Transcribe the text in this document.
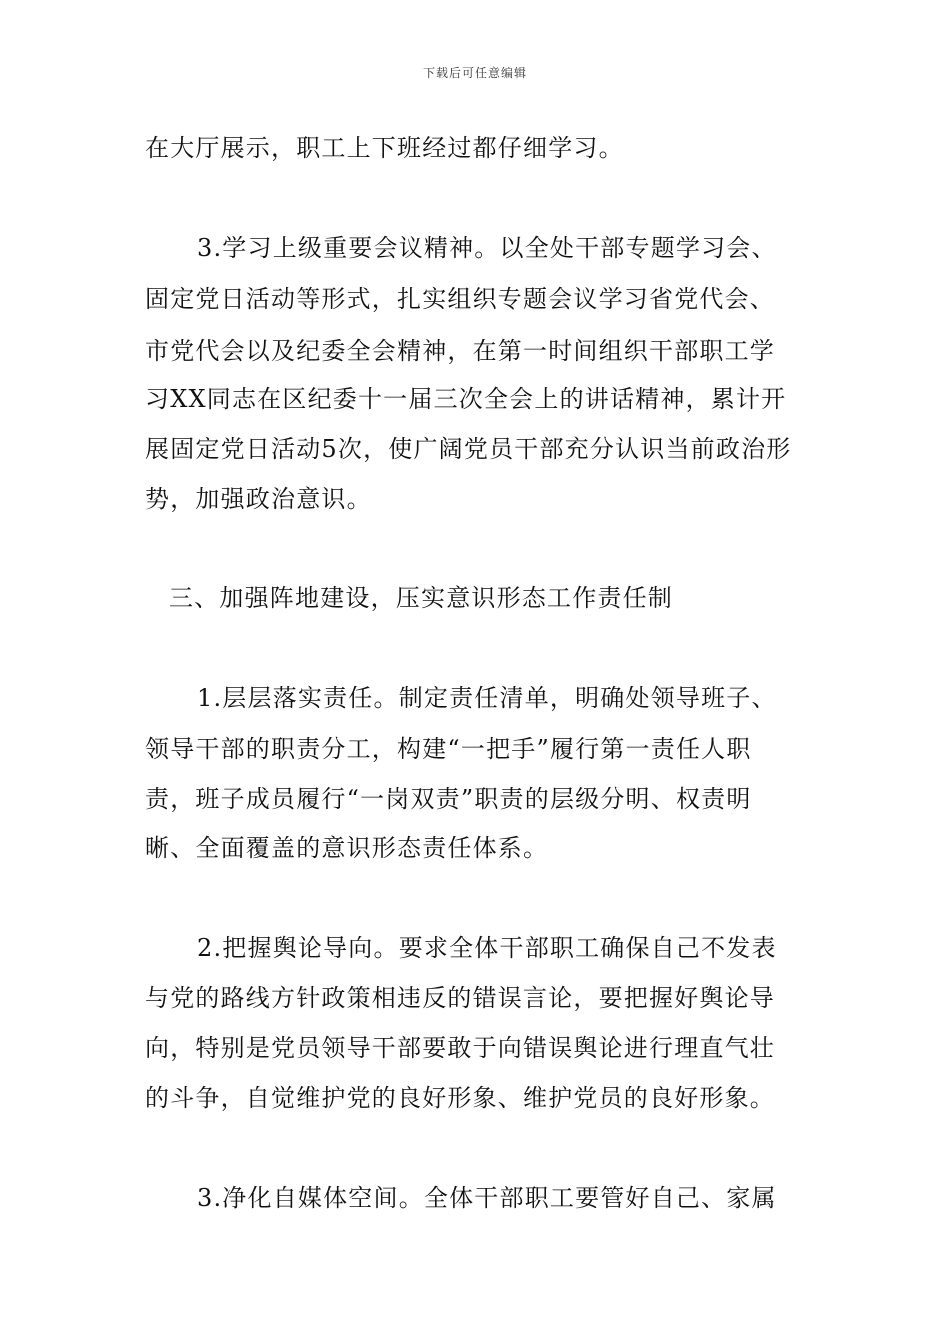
下载后可任意编辑
在大厅展示，职工上下班经过都仔细学习。
3.学习上级重要会议精神。以全处干部专题学习会、
固定党日活动等形式，扎实组织专题会议学习省党代会、
市党代会以及纪委全会精神，在第一时间组织干部职工学
习XX同志在区纪委十一届三次全会上的讲话精神，累计开
展固定党日活动5次，使广阔党员干部充分认识当前政治形
势，加强政治意识。
三、加强阵地建设，压实意识形态工作责任制
1.层层落实责任。制定责任清单，明确处领导班子、
领导干部的职责分工，构建“一把手”履行第一责任人职
责，班子成员履行“一岗双责”职责的层级分明、权责明
晰、全面覆盖的意识形态责任体系。
2.把握舆论导向。要求全体干部职工确保自己不发表
与党的路线方针政策相违反的错误言论，要把握好舆论导
向，特别是党员领导干部要敢于向错误舆论进行理直气壮
的斗争，自觉维护党的良好形象、维护党员的良好形象。
3.净化自媒体空间。全体干部职工要管好自己、家属
